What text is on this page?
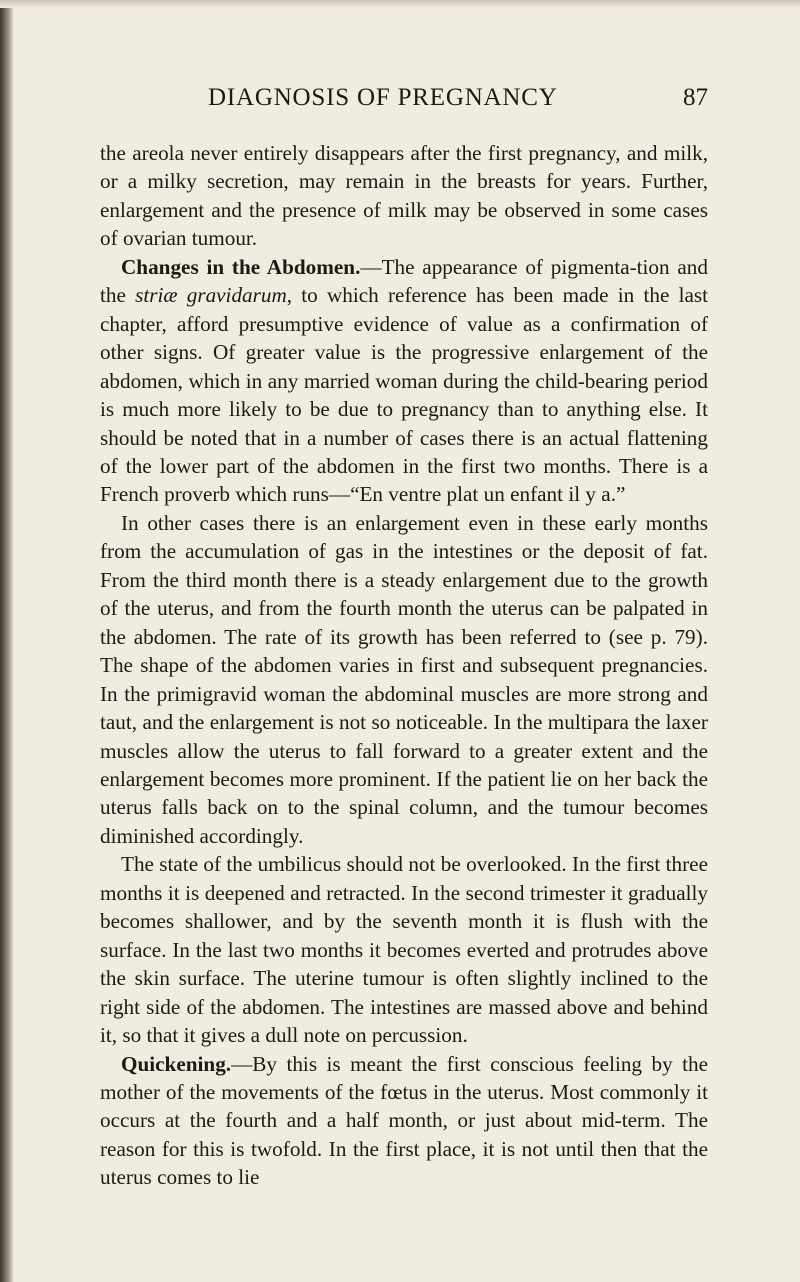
DIAGNOSIS OF PREGNANCY	87

the areola never entirely disappears after the first pregnancy, and milk, or a milky secretion, may remain in the breasts for years. Further, enlargement and the presence of milk may be observed in some cases of ovarian tumour.

Changes in the Abdomen.—The appearance of pigmenta-tion and the striæ gravidarum, to which reference has been made in the last chapter, afford presumptive evidence of value as a confirmation of other signs. Of greater value is the progressive enlargement of the abdomen, which in any married woman during the child-bearing period is much more likely to be due to pregnancy than to anything else. It should be noted that in a number of cases there is an actual flattening of the lower part of the abdomen in the first two months. There is a French proverb which runs—“En ventre plat un enfant il y a.”

In other cases there is an enlargement even in these early months from the accumulation of gas in the intestines or the deposit of fat. From the third month there is a steady enlargement due to the growth of the uterus, and from the fourth month the uterus can be palpated in the abdomen. The rate of its growth has been referred to (see p. 79). The shape of the abdomen varies in first and subsequent pregnancies. In the primigravid woman the abdominal muscles are more strong and taut, and the enlargement is not so noticeable. In the multipara the laxer muscles allow the uterus to fall forward to a greater extent and the enlargement becomes more prominent. If the patient lie on her back the uterus falls back on to the spinal column, and the tumour becomes diminished accordingly.

The state of the umbilicus should not be overlooked. In the first three months it is deepened and retracted. In the second trimester it gradually becomes shallower, and by the seventh month it is flush with the surface. In the last two months it becomes everted and protrudes above the skin surface. The uterine tumour is often slightly inclined to the right side of the abdomen. The intestines are massed above and behind it, so that it gives a dull note on percussion.

Quickening.—By this is meant the first conscious feeling by the mother of the movements of the fœtus in the uterus. Most commonly it occurs at the fourth and a half month, or just about mid-term. The reason for this is twofold. In the first place, it is not until then that the uterus comes to lie
